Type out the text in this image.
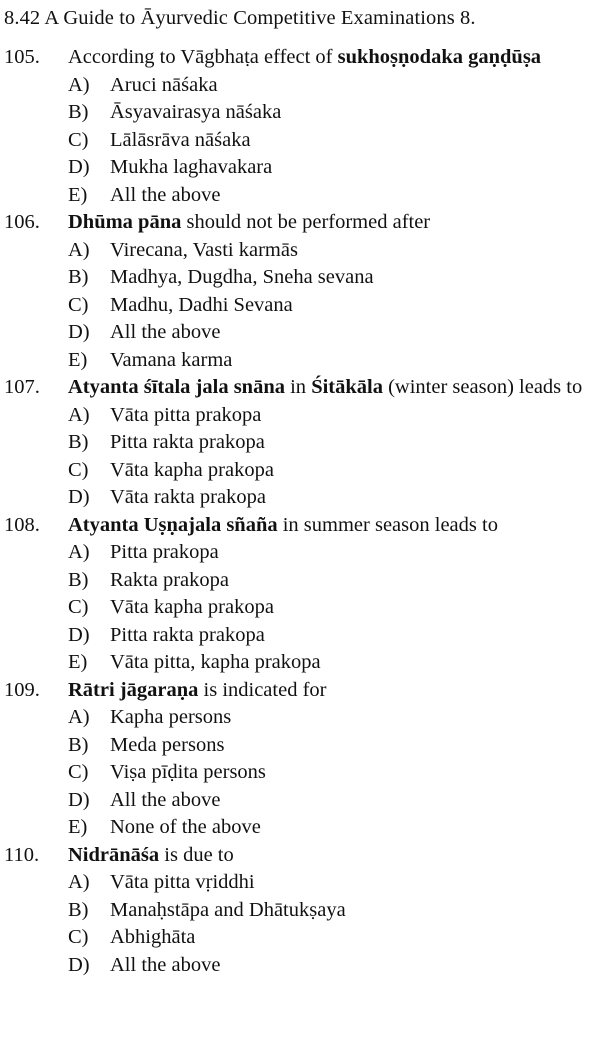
8.42 A Guide to Āyurvedic Competitive Examinations 8.
105.	According to Vāgbhaṭa effect of sukhoṣṇodaka gaṇḍūṣa
A) Aruci nāśaka
B) Āsyavairasya nāśaka
C) Lālāsrāva nāśaka
D) Mukha laghavakara
E) All the above
106.	Dhūma pāna should not be performed after
A) Virecana, Vasti karmās
B) Madhya, Dugdha, Sneha sevana
C) Madhu, Dadhi Sevana
D) All the above
E) Vamana karma
107.	Atyanta śītala jala snāna in Śitākāla (winter season) leads to
A) Vāta pitta prakopa
B) Pitta rakta prakopa
C) Vāta kapha prakopa
D) Vāta rakta prakopa
108.	Atyanta Uṣṇajala sñaña in summer season leads to
A) Pitta prakopa
B) Rakta prakopa
C) Vāta kapha prakopa
D) Pitta rakta prakopa
E) Vāta pitta, kapha prakopa
109.	Rātri jāgaraṇa is indicated for
A) Kapha persons
B) Meda persons
C) Viṣa pīḍita persons
D) All the above
E) None of the above
110.	Nidrānāśa is due to
A) Vāta pitta vṛiddhi
B) Manaḥstāpa and Dhātukṣaya
C) Abhighāta
D) All the above
